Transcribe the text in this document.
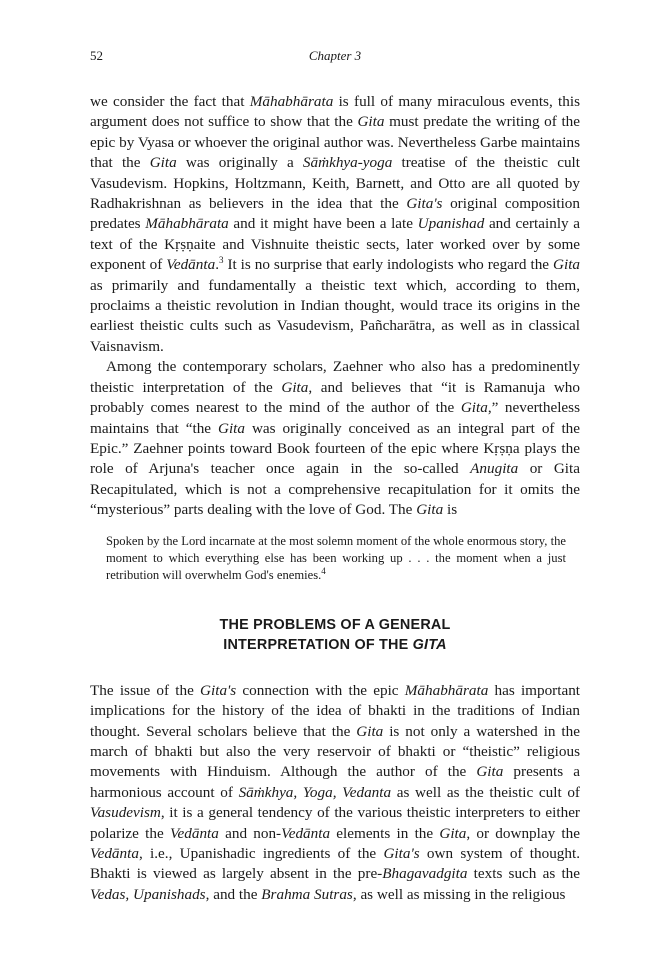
52	Chapter 3

we consider the fact that Māhabhārata is full of many miraculous events, this argument does not suffice to show that the Gita must predate the writing of the epic by Vyasa or whoever the original author was. Nevertheless Garbe maintains that the Gita was originally a Sāṁkhya-yoga treatise of the theistic cult Vasudevism. Hopkins, Holtzmann, Keith, Barnett, and Otto are all quoted by Radhakrishnan as believers in the idea that the Gita's original composition predates Māhabhārata and it might have been a late Upanishad and certainly a text of the Kṛṣṇaite and Vishnuite theistic sects, later worked over by some exponent of Vedānta.$^3$ It is no surprise that early indologists who regard the Gita as primarily and fundamentally a theistic text which, according to them, proclaims a theistic revolution in Indian thought, would trace its origins in the earliest theistic cults such as Vasudevism, Pañcharātra, as well as in classical Vaisnavism.

Among the contemporary scholars, Zaehner who also has a predominently theistic interpretation of the Gita, and believes that “it is Ramanuja who probably comes nearest to the mind of the author of the Gita,” nevertheless maintains that “the Gita was originally conceived as an integral part of the Epic.” Zaehner points toward Book fourteen of the epic where Kṛṣṇa plays the role of Arjuna's teacher once again in the so-called Anugita or Gita Recapitulated, which is not a comprehensive recapitulation for it omits the “mysterious” parts dealing with the love of God. The Gita is

Spoken by the Lord incarnate at the most solemn moment of the whole enormous story, the moment to which everything else has been working up . . . the moment when a just retribution will overwhelm God's enemies.$^4$
THE PROBLEMS OF A GENERAL
INTERPRETATION OF THE GITA

The issue of the Gita's connection with the epic Māhabhārata has important implications for the history of the idea of bhakti in the traditions of Indian thought. Several scholars believe that the Gita is not only a watershed in the march of bhakti but also the very reservoir of bhakti or “theistic” religious movements with Hinduism. Although the author of the Gita presents a harmonious account of Sāṁkhya, Yoga, Vedanta as well as the theistic cult of Vasudevism, it is a general tendency of the various theistic interpreters to either polarize the Vedānta and non-Vedānta elements in the Gita, or downplay the Vedānta, i.e., Upanishadic ingredients of the Gita's own system of thought. Bhakti is viewed as largely absent in the pre-Bhagavadgita texts such as the Vedas, Upanishads, and the Brahma Sutras, as well as missing in the religious
